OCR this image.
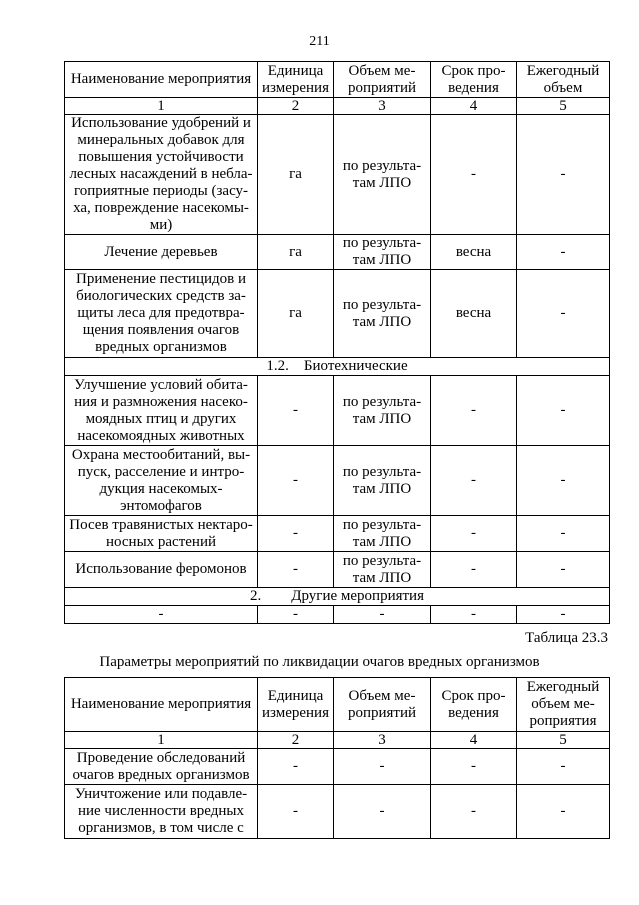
211
Наименование мероприятия	Единица измерения	Объем ме-роприятий	Срок про-ведения	Ежегодный объем
1	2	3	4	5
Использование удобрений и минеральных добавок для повышения устойчивости лесных насаждений в небла-гоприятные периоды (засу-ха, повреждение насекомы-ми)	га	по результа-там ЛПО	-	-
Лечение деревьев	га	по результа-там ЛПО	весна	-
Применение пестицидов и биологических средств за-щиты леса для предотвра-щения появления очагов вредных организмов	га	по результа-там ЛПО	весна	-
1.2.    Биотехнические				
Улучшение условий обита-ния и размножения насеко-моядных птиц и других насекомоядных животных	-	по результа-там ЛПО	-	-
Охрана местообитаний, вы-пуск, расселение и интро-дукция насекомых-энтомофагов	-	по результа-там ЛПО	-	-
Посев травянистых нектаро-носных растений	-	по результа-там ЛПО	-	-
Использование феромонов	-	по результа-там ЛПО	-	-
2.        Другие мероприятия				
-	-	-	-	-
Таблица 23.3
Параметры мероприятий по ликвидации очагов вредных организмов
Наименование мероприятия	Единица измерения	Объем ме-роприятий	Срок про-ведения	Ежегодный объем ме-роприятия
1	2	3	4	5
Проведение обследований очагов вредных организмов	-	-	-	-
Уничтожение или подавле-ние численности вредных организмов, в том числе с	-	-	-	-
